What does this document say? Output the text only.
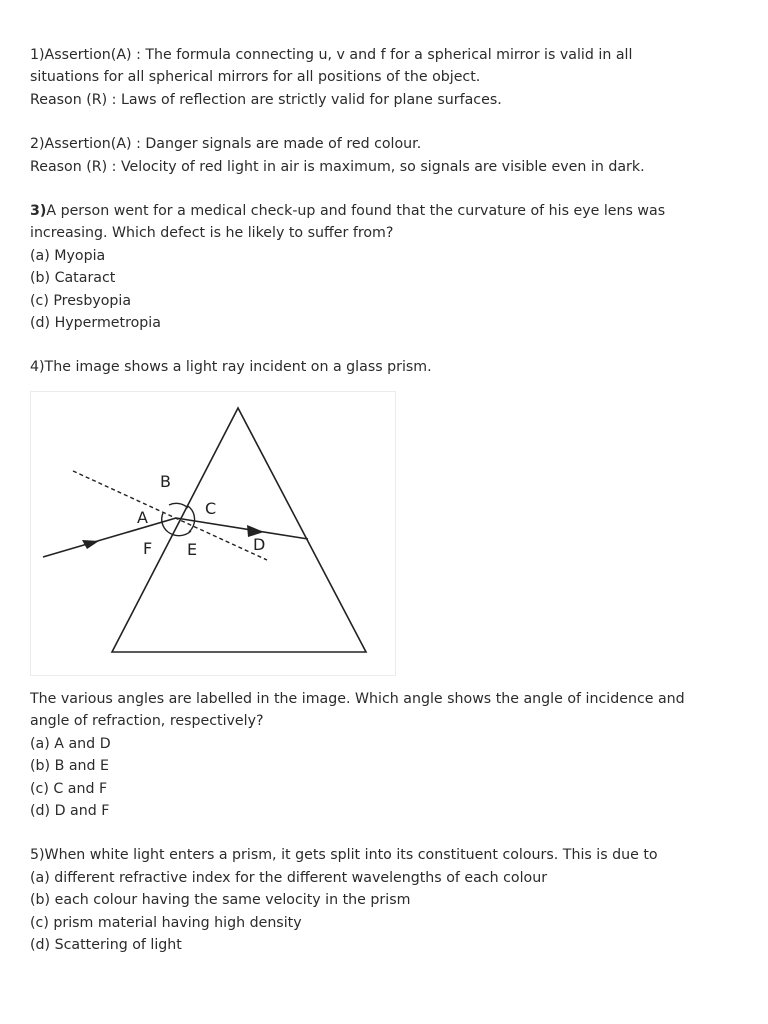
1)Assertion(A) : The formula connecting u, v and f for a spherical mirror is valid in all
situations for all spherical mirrors for all positions of the object.
Reason (R) : Laws of reflection are strictly valid for plane surfaces.
2)Assertion(A) : Danger signals are made of red colour.
Reason (R) : Velocity of red light in air is maximum, so signals are visible even in dark.
3)A person went for a medical check-up and found that the curvature of his eye lens was
increasing. Which defect is he likely to suffer from?
(a) Myopia
(b) Cataract
(c) Presbyopia
(d) Hypermetropia
4)The image shows a light ray incident on a glass prism.
B
A	C
F E	D
The various angles are labelled in the image. Which angle shows the angle of incidence and
angle of refraction, respectively?
(a) A and D
(b) B and E
(c) C and F
(d) D and F
5)When white light enters a prism, it gets split into its constituent colours. This is due to
(a) different refractive index for the different wavelengths of each colour
(b) each colour having the same velocity in the prism
(c) prism material having high density
(d) Scattering of light
